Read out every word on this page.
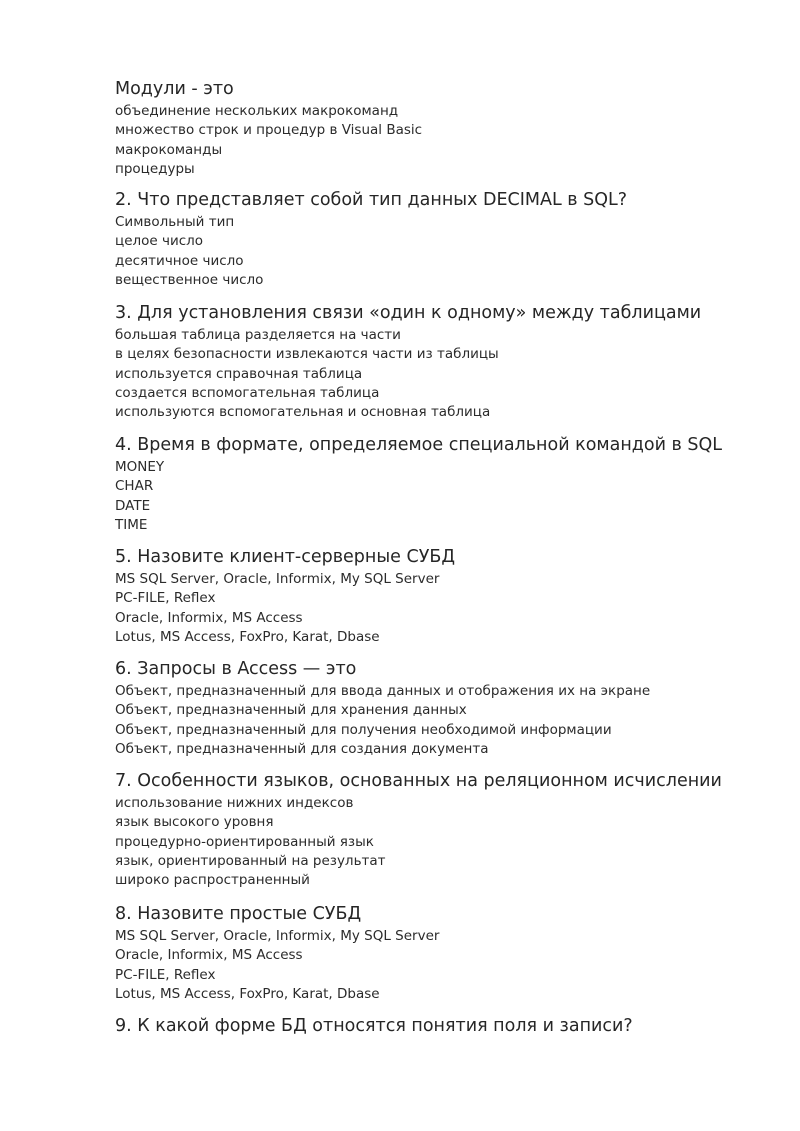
Модули - это
объединение нескольких макрокоманд
множество строк и процедур в Visual Basic
макрокоманды
процедуры
2. Что представляет собой тип данных DECIMAL в SQL?
Символьный тип
целое число
десятичное число
вещественное число
3. Для установления связи «один к одному» между таблицами
большая таблица разделяется на части
в целях безопасности извлекаются части из таблицы
используется справочная таблица
создается вспомогательная таблица
используются вспомогательная и основная таблица
4. Время в формате, определяемое специальной командой в SQL
MONEY
CHAR
DATE
TIME
5. Назовите клиент-серверные СУБД
MS SQL Server, Oracle, Informix, My SQL Server
PC-FILE, Reflex
Oracle, Informix, MS Access
Lotus, MS Access, FoxPro, Karat, Dbase
6. Запросы в Access — это
Объект, предназначенный для ввода данных и отображения их на экране
Объект, предназначенный для хранения данных
Объект, предназначенный для получения необходимой информации
Объект, предназначенный для создания документа
7. Особенности языков, основанных на реляционном исчислении
использование нижних индексов
язык высокого уровня
процедурно-ориентированный язык
язык, ориентированный на результат
широко распространенный
8. Назовите простые СУБД
MS SQL Server, Oracle, Informix, My SQL Server
Oracle, Informix, MS Access
PC-FILE, Reflex
Lotus, MS Access, FoxPro, Karat, Dbase
9. К какой форме БД относятся понятия поля и записи?
